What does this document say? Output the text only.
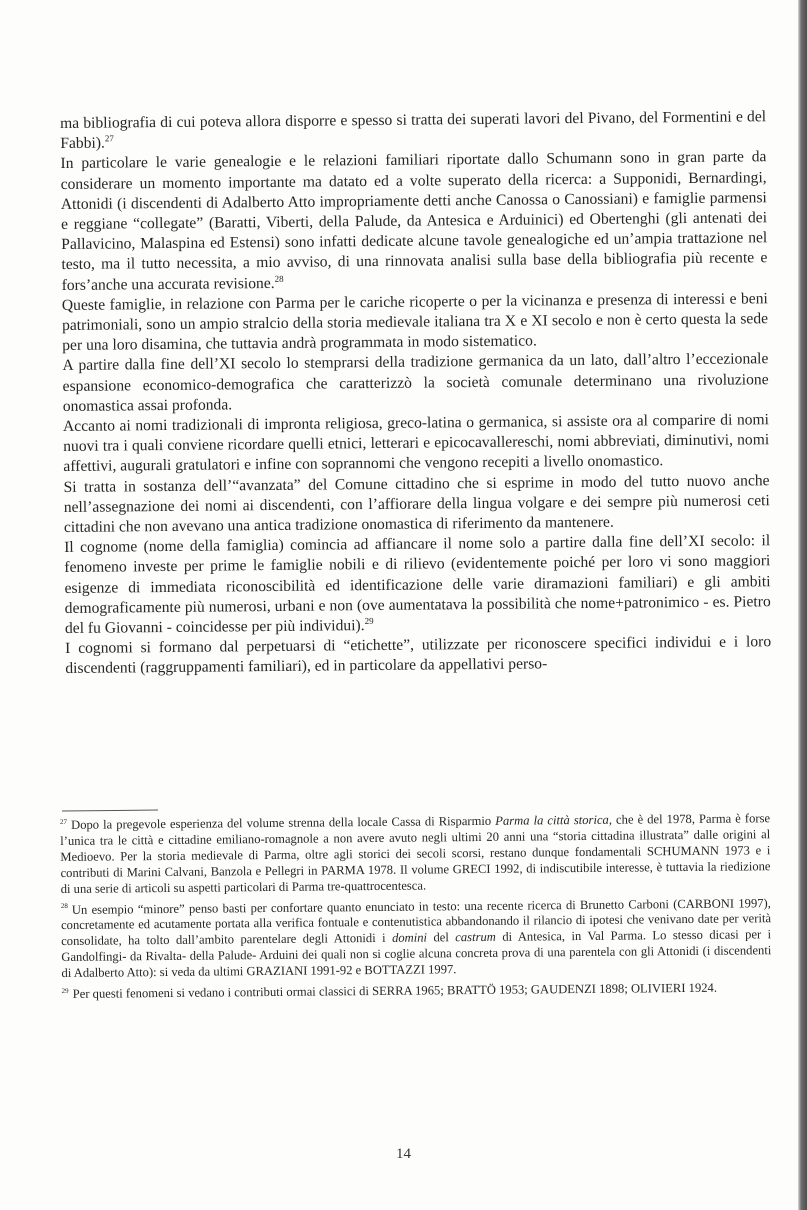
ma bibliografia di cui poteva allora disporre e spesso si tratta dei superati lavori del Pivano, del Formentini e del Fabbi).$^{27}$

In particolare le varie genealogie e le relazioni familiari riportate dallo Schumann sono in gran parte da considerare un momento importante ma datato ed a volte superato della ricerca: a Supponidi, Bernardingi, Attonidi (i discendenti di Adalberto Atto impropriamente detti anche Canossa o Canossiani) e famiglie parmensi e reggiane “collegate” (Baratti, Viberti, della Palude, da Antesica e Arduinici) ed Obertenghi (gli antenati dei Pallavicino, Malaspina ed Estensi) sono infatti dedicate alcune tavole genealogiche ed un’ampia trattazione nel testo, ma il tutto necessita, a mio avviso, di una rinnovata analisi sulla base della bibliografia più recente e fors’anche una accurata revisione.$^{28}$

Queste famiglie, in relazione con Parma per le cariche ricoperte o per la vicinanza e presenza di interessi e beni patrimoniali, sono un ampio stralcio della storia medievale italiana tra X e XI secolo e non è certo questa la sede per una loro disamina, che tuttavia andrà programmata in modo sistematico.

A partire dalla fine dell’XI secolo lo stemprarsi della tradizione germanica da un lato, dall’altro l’eccezionale espansione economico-demografica che caratterizzò la società comunale determinano una rivoluzione onomastica assai profonda.

Accanto ai nomi tradizionali di impronta religiosa, greco-latina o germanica, si assiste ora al comparire di nomi nuovi tra i quali conviene ricordare quelli etnici, letterari e epicocavallereschi, nomi abbreviati, diminutivi, nomi affettivi, augurali gratulatori e infine con soprannomi che vengono recepiti a livello onomastico.

Si tratta in sostanza dell’“avanzata” del Comune cittadino che si esprime in modo del tutto nuovo anche nell’assegnazione dei nomi ai discendenti, con l’affiorare della lingua volgare e dei sempre più numerosi ceti cittadini che non avevano una antica tradizione onomastica di riferimento da mantenere.

Il cognome (nome della famiglia) comincia ad affiancare il nome solo a partire dalla fine dell’XI secolo: il fenomeno investe per prime le famiglie nobili e di rilievo (evidentemente poiché per loro vi sono maggiori esigenze di immediata riconoscibilità ed identificazione delle varie diramazioni familiari) e gli ambiti demograficamente più numerosi, urbani e non (ove aumentatava la possibilità che nome+patronimico - es. Pietro del fu Giovanni - coincidesse per più individui).$^{29}$

I cognomi si formano dal perpetuarsi di “etichette”, utilizzate per riconoscere specifici individui e i loro discendenti (raggruppamenti familiari), ed in particolare da appellativi perso-

$^{27}$ Dopo la pregevole esperienza del volume strenna della locale Cassa di Risparmio Parma la città storica, che è del 1978, Parma è forse l’unica tra le città e cittadine emiliano-romagnole a non avere avuto negli ultimi 20 anni una “storia cittadina illustrata” dalle origini al Medioevo. Per la storia medievale di Parma, oltre agli storici dei secoli scorsi, restano dunque fondamentali SCHUMANN 1973 e i contributi di Marini Calvani, Banzola e Pellegri in PARMA 1978. Il volume GRECI 1992, di indiscutibile interesse, è tuttavia la riedizione di una serie di articoli su aspetti particolari di Parma tre-quattrocentesca.

$^{28}$ Un esempio “minore” penso basti per confortare quanto enunciato in testo: una recente ricerca di Brunetto Carboni (CARBONI 1997), concretamente ed acutamente portata alla verifica fontuale e contenutistica abbandonando il rilancio di ipotesi che venivano date per verità consolidate, ha tolto dall’ambito parentelare degli Attonidi i domini del castrum di Antesica, in Val Parma. Lo stesso dicasi per i Gandolfingi- da Rivalta- della Palude- Arduini dei quali non si coglie alcuna concreta prova di una parentela con gli Attonidi (i discendenti di Adalberto Atto): si veda da ultimi GRAZIANI 1991-92 e BOTTAZZI 1997.

$^{29}$ Per questi fenomeni si vedano i contributi ormai classici di SERRA 1965; BRATTÖ 1953; GAUDENZI 1898; OLIVIERI 1924.

14
